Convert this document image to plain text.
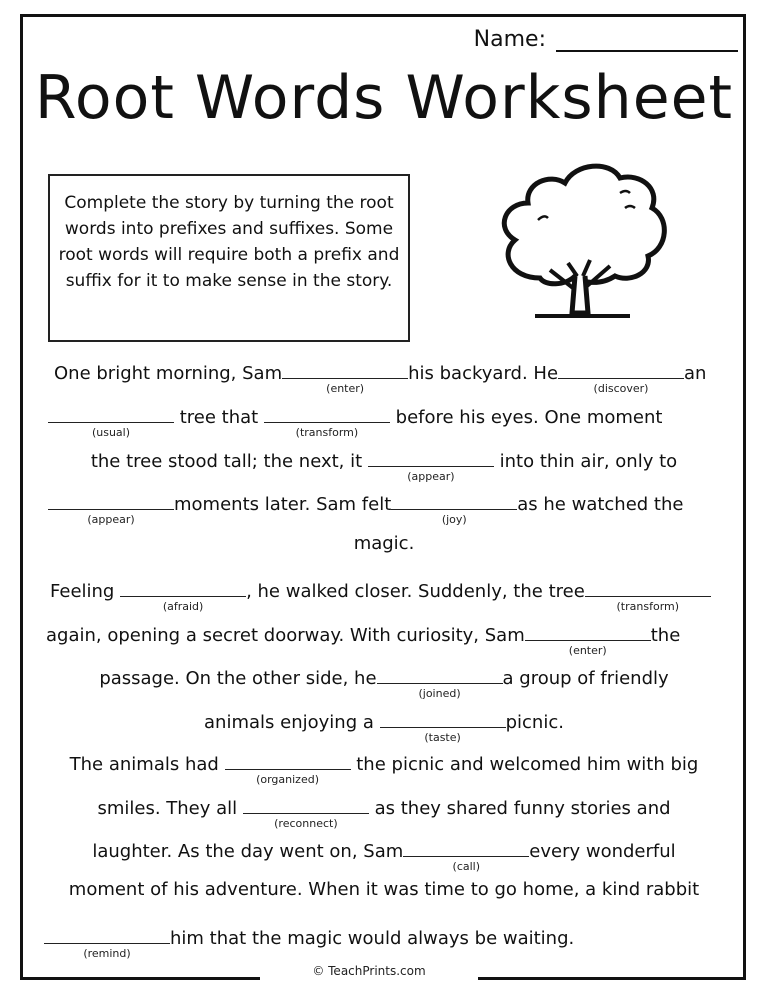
Name:
Root Words Worksheet
Complete the story by turning the root words into prefixes and suffixes. Some root words will require both a prefix and suffix for it to make sense in the story.
One bright morning, Sam
(enter)
his backyard. He
(discover)
an
(usual)
tree that
(transform)
before his eyes. One moment
the tree stood tall; the next, it
(appear)
into thin air, only to
(appear)
moments later. Sam felt
(joy)
as he watched the
magic.
Feeling
(afraid)
, he walked closer. Suddenly, the tree
(transform)
again, opening a secret doorway. With curiosity, Sam
(enter)
the
passage. On the other side, he
(joined)
a group of friendly
animals enjoying a
(taste)
picnic.
The animals had
(organized)
the picnic and welcomed him with big
smiles. They all
(reconnect)
as they shared funny stories and
laughter. As the day went on, Sam
(call)
every wonderful
moment of his adventure. When it was time to go home, a kind rabbit
(remind)
him that the magic would always be waiting.
© TeachPrints.com
